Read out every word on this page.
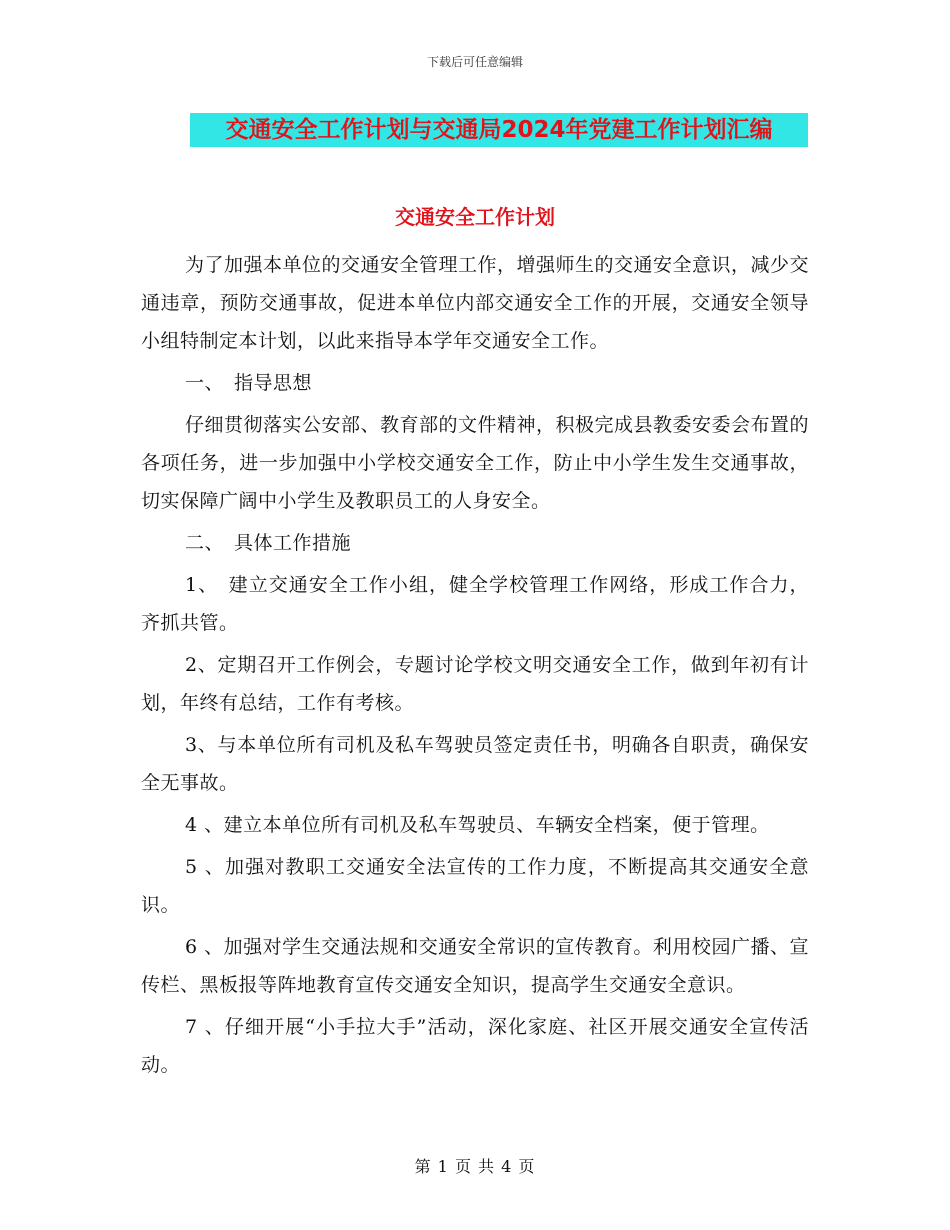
下载后可任意编辑
交通安全工作计划与交通局2024年党建工作计划汇编
交通安全工作计划

为了加强本单位的交通安全管理工作，增强师生的交通安全意识，减少交通违章，预防交通事故，促进本单位内部交通安全工作的开展，交通安全领导小组特制定本计划，以此来指导本学年交通安全工作。

一、　指导思想

仔细贯彻落实公安部、教育部的文件精神，积极完成县教委安委会布置的各项任务，进一步加强中小学校交通安全工作，防止中小学生发生交通事故，切实保障广阔中小学生及教职员工的人身安全。

二、　具体工作措施

1、　建立交通安全工作小组，健全学校管理工作网络，形成工作合力，齐抓共管。

2、定期召开工作例会，专题讨论学校文明交通安全工作，做到年初有计划，年终有总结，工作有考核。

3、与本单位所有司机及私车驾驶员签定责任书，明确各自职责，确保安全无事故。

4 、建立本单位所有司机及私车驾驶员、车辆安全档案，便于管理。

5 、加强对教职工交通安全法宣传的工作力度，不断提高其交通安全意识。

6 、加强对学生交通法规和交通安全常识的宣传教育。利用校园广播、宣传栏、黑板报等阵地教育宣传交通安全知识，提高学生交通安全意识。

7 、仔细开展“小手拉大手”活动，深化家庭、社区开展交通安全宣传活动。

第 1 页 共 4 页
